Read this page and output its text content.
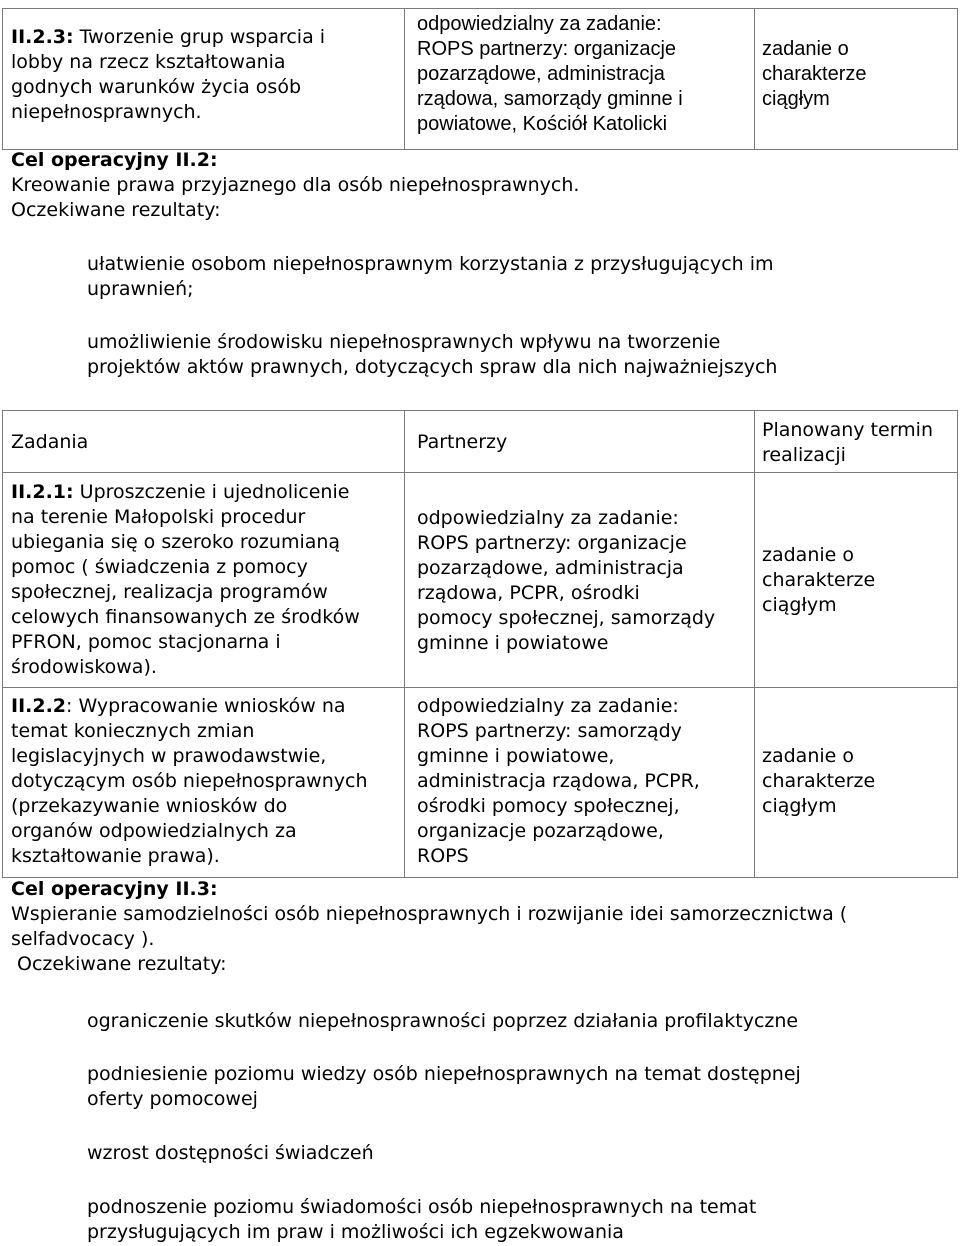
II.2.3: Tworzenie grup wsparcia i
lobby na rzecz kształtowania
godnych warunków życia osób
niepełnosprawnych.
odpowiedzialny za zadanie:
ROPS partnerzy: organizacje
pozarządowe, administracja
rządowa, samorządy gminne i
powiatowe, Kościół Katolicki
zadanie o
charakterze
ciągłym
Cel operacyjny II.2:
Kreowanie prawa przyjaznego dla osób niepełnosprawnych.
Oczekiwane rezultaty:
ułatwienie osobom niepełnosprawnym korzystania z przysługujących im
uprawnień;
umożliwienie środowisku niepełnosprawnych wpływu na tworzenie
projektów aktów prawnych, dotyczących spraw dla nich najważniejszych
Zadania	Partnerzy
Planowany termin
realizacji
II.2.1: Uproszczenie i ujednolicenie
na terenie Małopolski procedur
ubiegania się o szeroko rozumianą
pomoc ( świadczenia z pomocy
społecznej, realizacja programów
celowych finansowanych ze środków
PFRON, pomoc stacjonarna i
środowiskowa).
odpowiedzialny za zadanie:
ROPS partnerzy: organizacje
pozarządowe, administracja
rządowa, PCPR, ośrodki
pomocy społecznej, samorządy
gminne i powiatowe
zadanie o
charakterze
ciągłym
II.2.2: Wypracowanie wniosków na
temat koniecznych zmian
legislacyjnych w prawodawstwie,
dotyczącym osób niepełnosprawnych
(przekazywanie wniosków do
organów odpowiedzialnych za
kształtowanie prawa).
odpowiedzialny za zadanie:
ROPS partnerzy: samorządy
gminne i powiatowe,
administracja rządowa, PCPR,
ośrodki pomocy społecznej,
organizacje pozarządowe,
ROPS
zadanie o
charakterze
ciągłym
Cel operacyjny II.3:
Wspieranie samodzielności osób niepełnosprawnych i rozwijanie idei samorzecznictwa (
selfadvocacy ).
Oczekiwane rezultaty:
ograniczenie skutków niepełnosprawności poprzez działania profilaktyczne
podniesienie poziomu wiedzy osób niepełnosprawnych na temat dostępnej
oferty pomocowej
wzrost dostępności świadczeń
podnoszenie poziomu świadomości osób niepełnosprawnych na temat
przysługujących im praw i możliwości ich egzekwowania
